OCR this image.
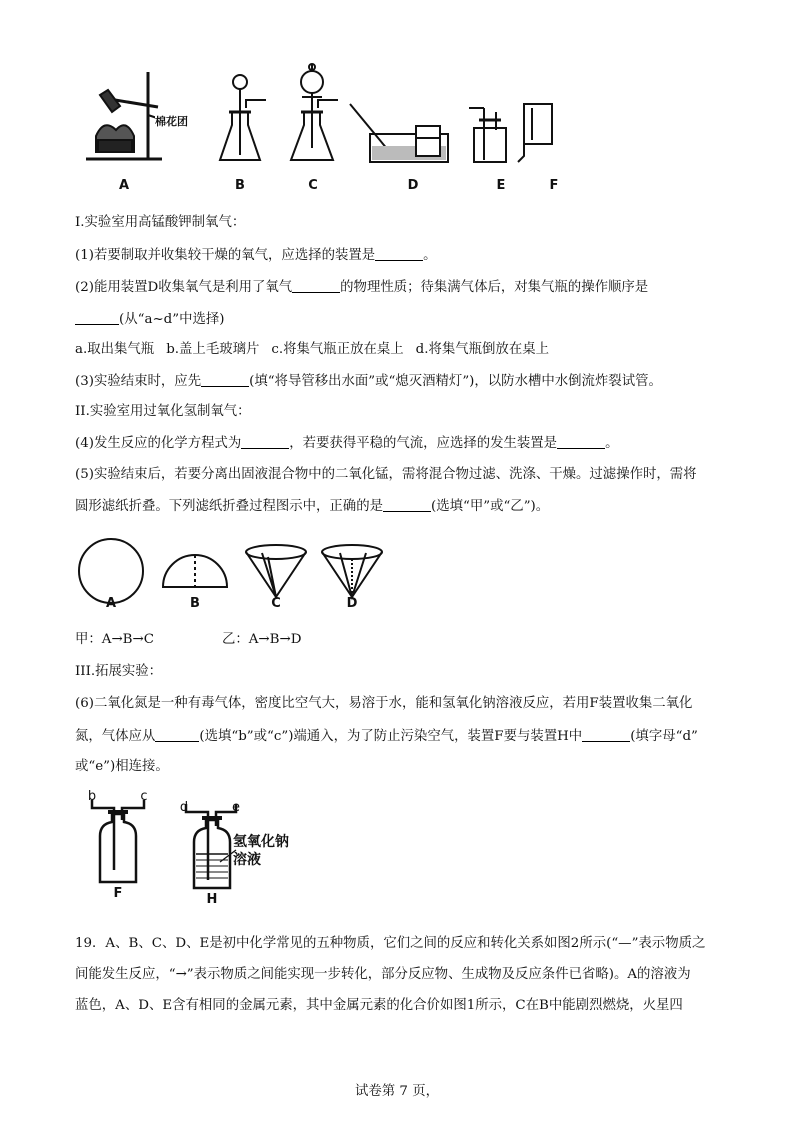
棉花团
A	B	C	D	E	F
I.实验室用高锰酸钾制氧气：
(1)若要制取并收集较干燥的氧气，应选择的装置是	。
(2)能用装置D收集氧气是利用了氧气	的物理性质；待集满气体后，对集气瓶的操作顺序是
(从“a~d”中选择)
a.取出集气瓶 b.盖上毛玻璃片 c.将集气瓶正放在桌上 d.将集气瓶倒放在桌上
(3)实验结束时，应先	(填“将导管移出水面”或“熄灭酒精灯”)，以防水槽中水倒流炸裂试管。
II.实验室用过氧化氢制氧气：
(4)发生反应的化学方程式为	，若要获得平稳的气流，应选择的发生装置是	。
(5)实验结束后，若要分离出固液混合物中的二氧化锰，需将混合物过滤、洗涤、干燥。过滤操作时，需将
圆形滤纸折叠。下列滤纸折叠过程图示中，正确的是	(选填“甲”或“乙”)。
A	B	C	D
甲：A→B→C	乙：A→B→D
III.拓展实验：
(6)二氧化氮是一种有毒气体，密度比空气大，易溶于水，能和氢氧化钠溶液反应，若用F装置收集二氧化
氮，气体应从	(选填“b”或“c”)端通入，为了防止污染空气，装置F要与装置H中	(填字母“d”
或“e”)相连接。
b	c
d	e
F	H
氢氧化钠
溶液
19．A、B、C、D、E是初中化学常见的五种物质，它们之间的反应和转化关系如图2所示(“—”表示物质之
间能发生反应，“→”表示物质之间能实现一步转化，部分反应物、生成物及反应条件已省略)。A的溶液为
蓝色，A、D、E含有相同的金属元素，其中金属元素的化合价如图1所示，C在B中能剧烈燃烧，火星四
试卷第 7 页，
